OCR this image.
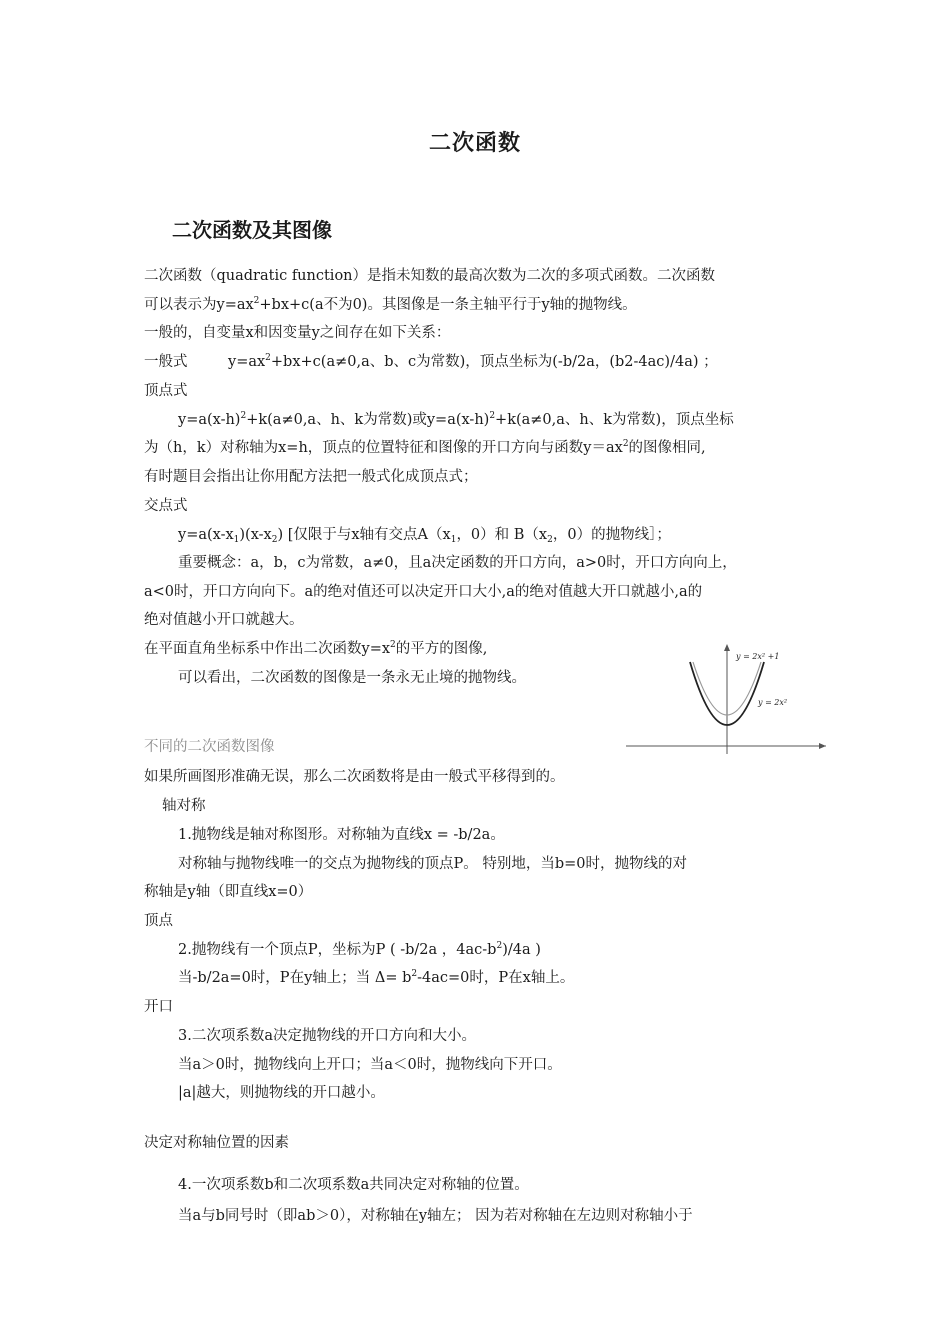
二次函数
二次函数及其图像
二次函数（quadratic function）是指未知数的最高次数为二次的多项式函数。二次函数
可以表示为$y=ax^2+bx+c(a$不为0)。其图像是一条主轴平行于y轴的抛物线。
一般的，自变量x和因变量y之间存在如下关系：
一般式	$y=ax^2+bx+c(a\ne 0,a$、b、c为常数)，顶点坐标为(-b/2a，(b2-4ac)/4a) ；
顶点式
$y=a(x-h)^2+k(a\ne 0,a$、h、k为常数)或$y=a(x-h)^2+k(a\ne 0,a$、h、k为常数)，顶点坐标
为（h，k）对称轴为x=h，顶点的位置特征和图像的开口方向与函数$y=ax^2$的图像相同,
有时题目会指出让你用配方法把一般式化成顶点式；
交点式
$y=a(x-x_1)(x-x_2)$ [仅限于与x轴有交点$A(x_1$，0）和 $B(x_2$，0）的抛物线］；
重要概念：a，b，c为常数，a≠0，且a决定函数的开口方向，a>0时，开口方向向上，
a<0时，开口方向向下。a的绝对值还可以决定开口大小,a的绝对值越大开口就越小,a的
绝对值越小开口就越大。
在平面直角坐标系中作出二次函数$y=x^2$的平方的图像,
可以看出，二次函数的图像是一条永无止境的抛物线。
y = 2x² +1
y = 2x²
不同的二次函数图像
如果所画图形准确无误，那么二次函数将是由一般式平移得到的。
轴对称
1.抛物线是轴对称图形。对称轴为直线x = -b/2a。
对称轴与抛物线唯一的交点为抛物线的顶点P。 特别地，当b=0时，抛物线的对
称轴是y轴（即直线x=0）
顶点
2.抛物线有一个顶点P，坐标为P ( -b/2a ，$4ac-b^2)/4a$ )
当-b/2a=0时，P在y轴上；当 $\Delta= b^2-4ac=0$时，P在x轴上。
开口
3.二次项系数a决定抛物线的开口方向和大小。
当a＞0时，抛物线向上开口；当a＜0时，抛物线向下开口。
|a|越大，则抛物线的开口越小。
决定对称轴位置的因素
4.一次项系数b和二次项系数a共同决定对称轴的位置。
当a与b同号时（即ab＞0），对称轴在y轴左； 因为若对称轴在左边则对称轴小于
